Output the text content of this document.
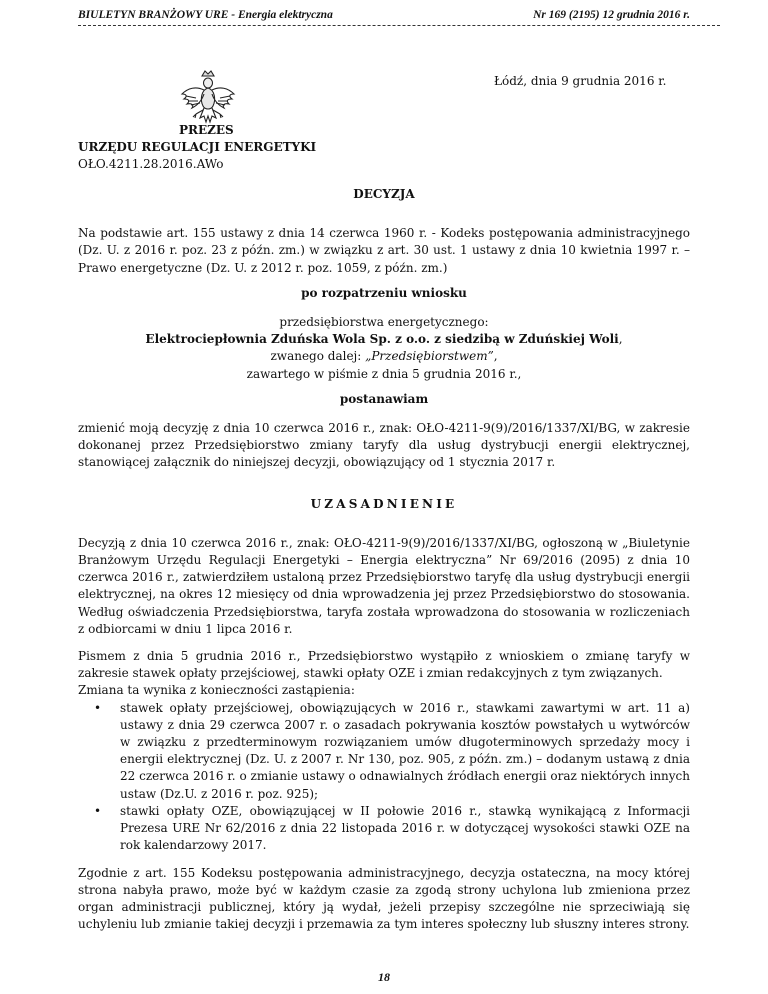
BIULETYN BRANŻOWY URE - Energia elektryczna	Nr 169 (2195) 12 grudnia 2016 r.
Łódź, dnia 9 grudnia 2016 r.
PREZES
URZĘDU REGULACJI ENERGETYKI
OŁO.4211.28.2016.AWo
DECYZJA

Na podstawie art. 155 ustawy z dnia 14 czerwca 1960 r. - Kodeks postępowania administracyjnego (Dz. U. z 2016 r. poz. 23 z późn. zm.) w związku z art. 30 ust. 1 ustawy z dnia 10 kwietnia 1997 r. – Prawo energetyczne (Dz. U. z 2012 r. poz. 1059, z późn. zm.)

po rozpatrzeniu wniosku
przedsiębiorstwa energetycznego:
Elektrociepłownia Zduńska Wola Sp. z o.o. z siedzibą w Zduńskiej Woli,
zwanego dalej: „Przedsiębiorstwem”,
zawartego w piśmie z dnia 5 grudnia 2016 r.,
postanawiam

zmienić moją decyzję z dnia 10 czerwca 2016 r., znak: OŁO-4211-9(9)/2016/1337/XI/BG, w zakresie dokonanej przez Przedsiębiorstwo zmiany taryfy dla usług dystrybucji energii elektrycznej, stanowiącej załącznik do niniejszej decyzji, obowiązujący od 1 stycznia 2017 r.

UZASADNIENIE

Decyzją z dnia 10 czerwca 2016 r., znak: OŁO-4211-9(9)/2016/1337/XI/BG, ogłoszoną w „Biuletynie Branżowym Urzędu Regulacji Energetyki – Energia elektryczna” Nr 69/2016 (2095) z dnia 10 czerwca 2016 r., zatwierdziłem ustaloną przez Przedsiębiorstwo taryfę dla usług dystrybucji energii elektrycznej, na okres 12 miesięcy od dnia wprowadzenia jej przez Przedsiębiorstwo do stosowania. Według oświadczenia Przedsiębiorstwa, taryfa została wprowadzona do stosowania w rozliczeniach z odbiorcami w dniu 1 lipca 2016 r.

Pismem z dnia 5 grudnia 2016 r., Przedsiębiorstwo wystąpiło z wnioskiem o zmianę taryfy w zakresie stawek opłaty przejściowej, stawki opłaty OZE i zmian redakcyjnych z tym związanych.

Zmiana ta wynika z konieczności zastąpienia:

• stawek opłaty przejściowej, obowiązujących w 2016 r., stawkami zawartymi w art. 11 a) ustawy z dnia 29 czerwca 2007 r. o zasadach pokrywania kosztów powstałych u wytwórców w związku z przedterminowym rozwiązaniem umów długoterminowych sprzedaży mocy i energii elektrycznej (Dz. U. z 2007 r. Nr 130, poz. 905, z późn. zm.) – dodanym ustawą z dnia 22 czerwca 2016 r. o zmianie ustawy o odnawialnych źródłach energii oraz niektórych innych ustaw (Dz.U. z 2016 r. poz. 925);
• stawki opłaty OZE, obowiązującej w II połowie 2016 r., stawką wynikającą z Informacji Prezesa URE Nr 62/2016 z dnia 22 listopada 2016 r. w dotyczącej wysokości stawki OZE na rok kalendarzowy 2017.

Zgodnie z art. 155 Kodeksu postępowania administracyjnego, decyzja ostateczna, na mocy której strona nabyła prawo, może być w każdym czasie za zgodą strony uchylona lub zmieniona przez organ administracji publicznej, który ją wydał, jeżeli przepisy szczególne nie sprzeciwiają się uchyleniu lub zmianie takiej decyzji i przemawia za tym interes społeczny lub słuszny interes strony.

18
